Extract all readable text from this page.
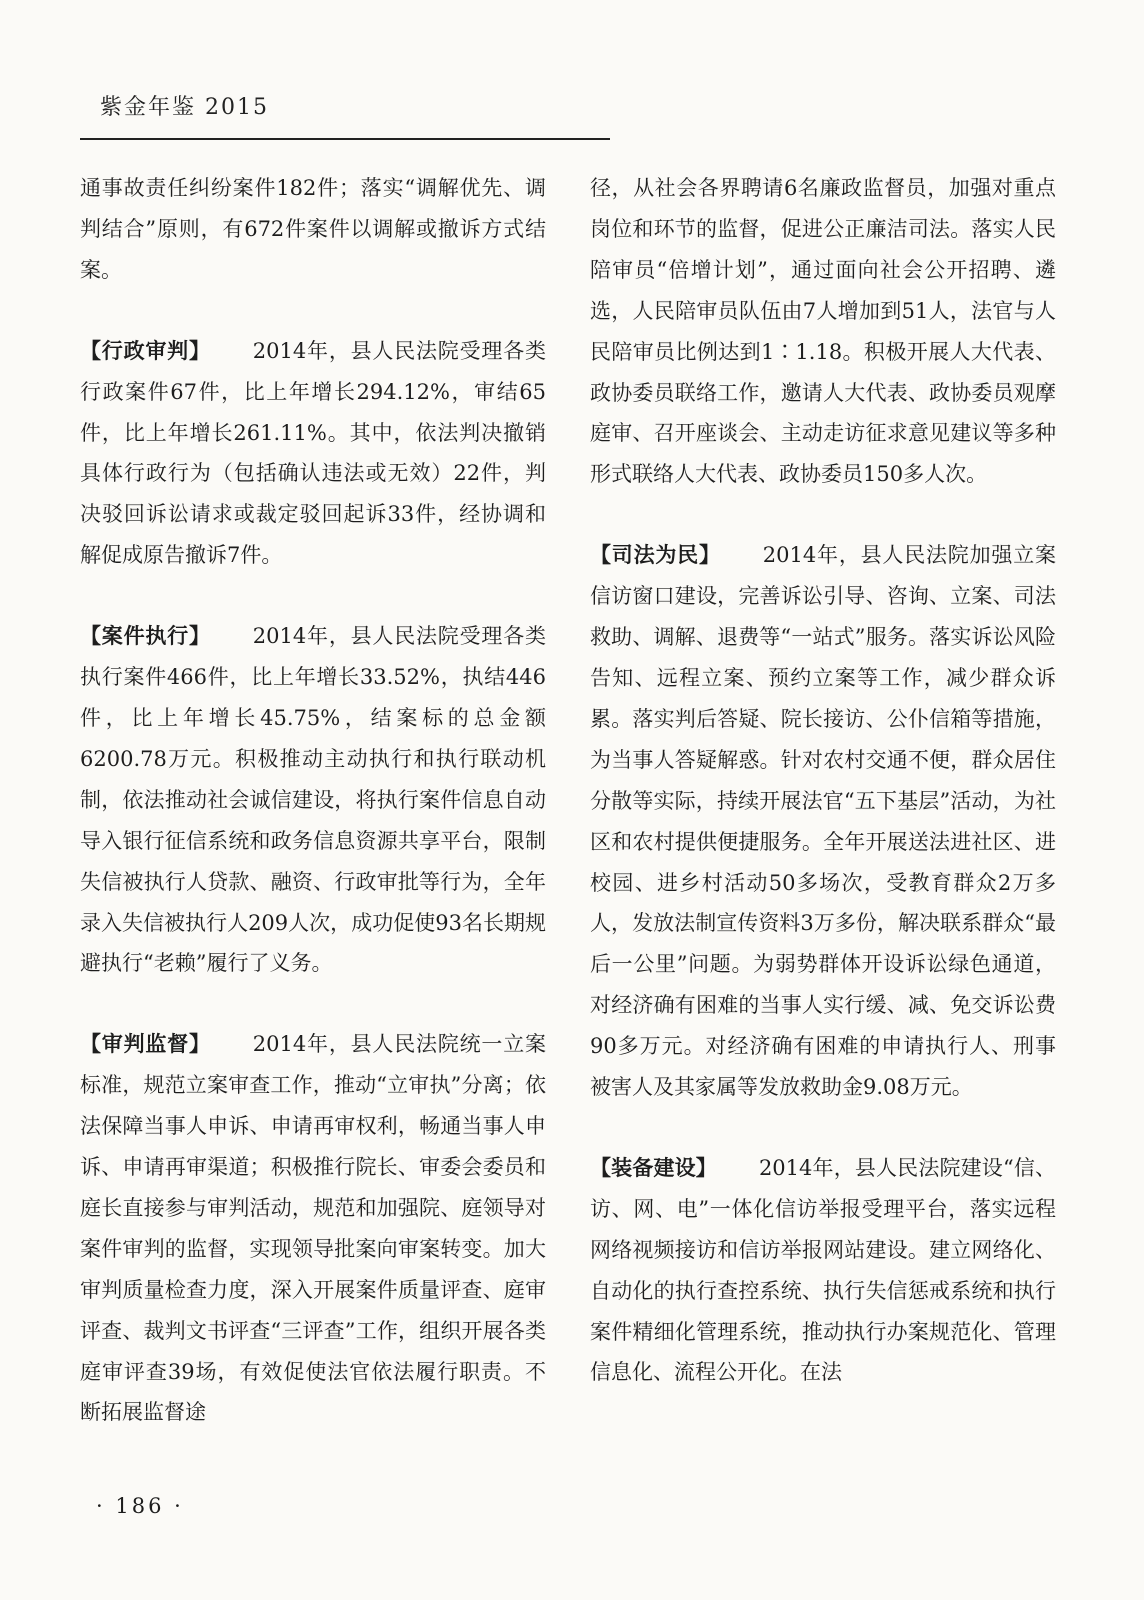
紫金年鉴 2015

通事故责任纠纷案件182件；落实“调解优先、调判结合”原则，有672件案件以调解或撤诉方式结案。

【行政审判】 2014年，县人民法院受理各类行政案件67件，比上年增长294.12%，审结65件，比上年增长261.11%。其中，依法判决撤销具体行政行为（包括确认违法或无效）22件，判决驳回诉讼请求或裁定驳回起诉33件，经协调和解促成原告撤诉7件。

【案件执行】 2014年，县人民法院受理各类执行案件466件，比上年增长33.52%，执结446件，比上年增长45.75%，结案标的总金额6200.78万元。积极推动主动执行和执行联动机制，依法推动社会诚信建设，将执行案件信息自动导入银行征信系统和政务信息资源共享平台，限制失信被执行人贷款、融资、行政审批等行为，全年录入失信被执行人209人次，成功促使93名长期规避执行“老赖”履行了义务。

【审判监督】 2014年，县人民法院统一立案标准，规范立案审查工作，推动“立审执”分离；依法保障当事人申诉、申请再审权利，畅通当事人申诉、申请再审渠道；积极推行院长、审委会委员和庭长直接参与审判活动，规范和加强院、庭领导对案件审判的监督，实现领导批案向审案转变。加大审判质量检查力度，深入开展案件质量评查、庭审评查、裁判文书评查“三评查”工作，组织开展各类庭审评查39场，有效促使法官依法履行职责。不断拓展监督途

径，从社会各界聘请6名廉政监督员，加强对重点岗位和环节的监督，促进公正廉洁司法。落实人民陪审员“倍增计划”，通过面向社会公开招聘、遴选，人民陪审员队伍由7人增加到51人，法官与人民陪审员比例达到1∶1.18。积极开展人大代表、政协委员联络工作，邀请人大代表、政协委员观摩庭审、召开座谈会、主动走访征求意见建议等多种形式联络人大代表、政协委员150多人次。

【司法为民】 2014年，县人民法院加强立案信访窗口建设，完善诉讼引导、咨询、立案、司法救助、调解、退费等“一站式”服务。落实诉讼风险告知、远程立案、预约立案等工作，减少群众诉累。落实判后答疑、院长接访、公仆信箱等措施，为当事人答疑解惑。针对农村交通不便，群众居住分散等实际，持续开展法官“五下基层”活动，为社区和农村提供便捷服务。全年开展送法进社区、进校园、进乡村活动50多场次，受教育群众2万多人，发放法制宣传资料3万多份，解决联系群众“最后一公里”问题。为弱势群体开设诉讼绿色通道，对经济确有困难的当事人实行缓、减、免交诉讼费90多万元。对经济确有困难的申请执行人、刑事被害人及其家属等发放救助金9.08万元。

【装备建设】 2014年，县人民法院建设“信、访、网、电”一体化信访举报受理平台，落实远程网络视频接访和信访举报网站建设。建立网络化、自动化的执行查控系统、执行失信惩戒系统和执行案件精细化管理系统，推动执行办案规范化、管理信息化、流程公开化。在法

· 186 ·
